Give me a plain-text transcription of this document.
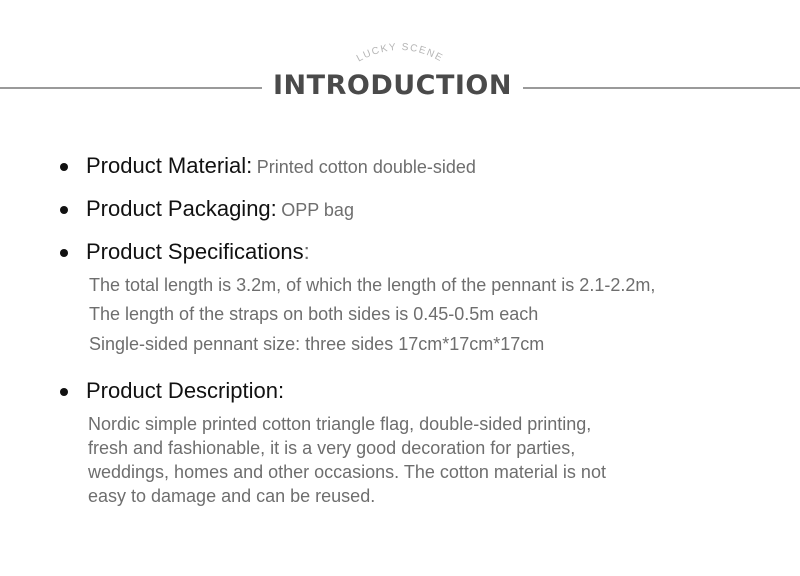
LUCKY SCENE
INTRODUCTION
Product Material: Printed cotton double-sided
Product Packaging: OPP bag
Product Specifications:
The total length is 3.2m, of which the length of the pennant is 2.1-2.2m,
The length of the straps on both sides is 0.45-0.5m each
Single-sided pennant size: three sides 17cm*17cm*17cm
Product Description:
Nordic simple printed cotton triangle flag, double-sided printing,
fresh and fashionable, it is a very good decoration for parties,
weddings, homes and other occasions. The cotton material is not
easy to damage and can be reused.
